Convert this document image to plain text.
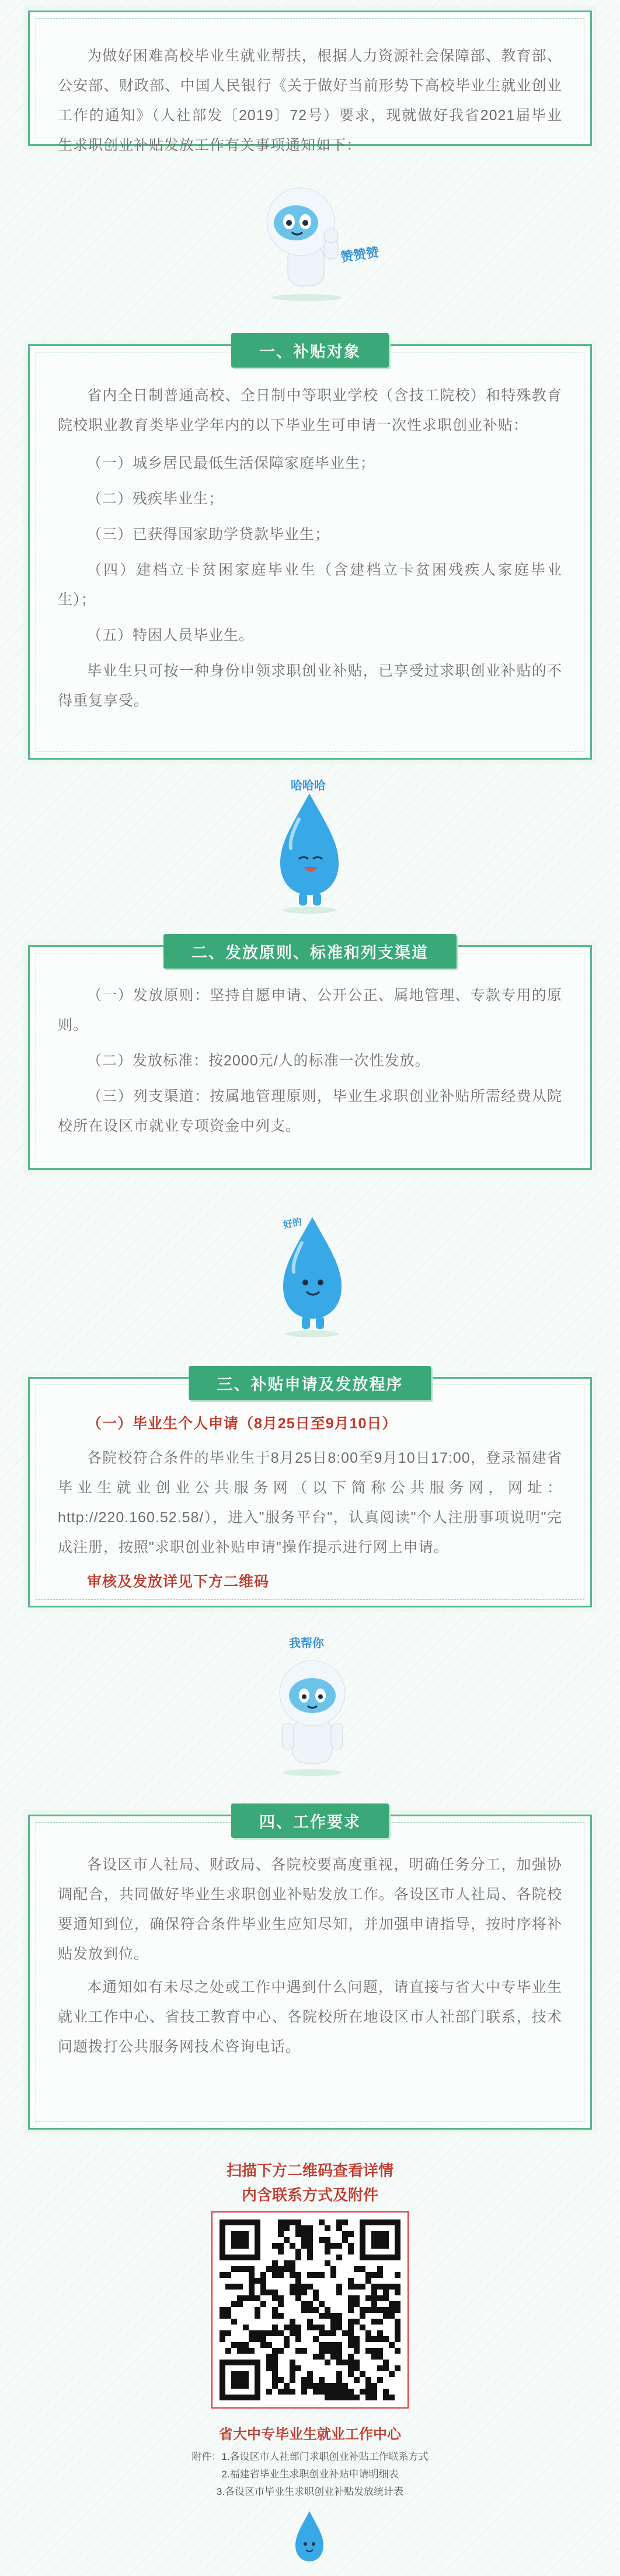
为做好困难高校毕业生就业帮扶，根据人力资源社会保障部、教育部、公安部、财政部、中国人民银行《关于做好当前形势下高校毕业生就业创业工作的通知》（人社部发〔2019〕72号）要求，现就做好我省2021届毕业生求职创业补贴发放工作有关事项通知如下：

赞赞赞
一、补贴对象

省内全日制普通高校、全日制中等职业学校（含技工院校）和特殊教育院校职业教育类毕业学年内的以下毕业生可申请一次性求职创业补贴：

（一）城乡居民最低生活保障家庭毕业生；

（二）残疾毕业生；

（三）已获得国家助学贷款毕业生；

（四）建档立卡贫困家庭毕业生（含建档立卡贫困残疾人家庭毕业生）；

（五）特困人员毕业生。

毕业生只可按一种身份申领求职创业补贴，已享受过求职创业补贴的不得重复享受。

哈哈哈
二、发放原则、标准和列支渠道

（一）发放原则：坚持自愿申请、公开公正、属地管理、专款专用的原则。

（二）发放标准：按2000元/人的标准一次性发放。

（三）列支渠道：按属地管理原则，毕业生求职创业补贴所需经费从院校所在设区市就业专项资金中列支。

好的
三、补贴申请及发放程序

（一）毕业生个人申请（8月25日至9月10日）

各院校符合条件的毕业生于8月25日8:00至9月10日17:00，登录福建省毕业生就业创业公共服务网（以下简称公共服务网，网址：http://220.160.52.58/），进入"服务平台"，认真阅读"个人注册事项说明"完成注册，按照"求职创业补贴申请"操作提示进行网上申请。

审核及发放详见下方二维码

我帮你
四、工作要求

各设区市人社局、财政局、各院校要高度重视，明确任务分工，加强协调配合，共同做好毕业生求职创业补贴发放工作。各设区市人社局、各院校要通知到位，确保符合条件毕业生应知尽知，并加强申请指导，按时序将补贴发放到位。

本通知如有未尽之处或工作中遇到什么问题，请直接与省大中专毕业生就业工作中心、省技工教育中心、各院校所在地设区市人社部门联系，技术问题拨打公共服务网技术咨询电话。

扫描下方二维码查看详情
内含联系方式及附件
省大中专毕业生就业工作中心
附件：1.各设区市人社部门求职创业补贴工作联系方式
2.福建省毕业生求职创业补贴申请明细表
3.各设区市毕业生求职创业补贴发放统计表
